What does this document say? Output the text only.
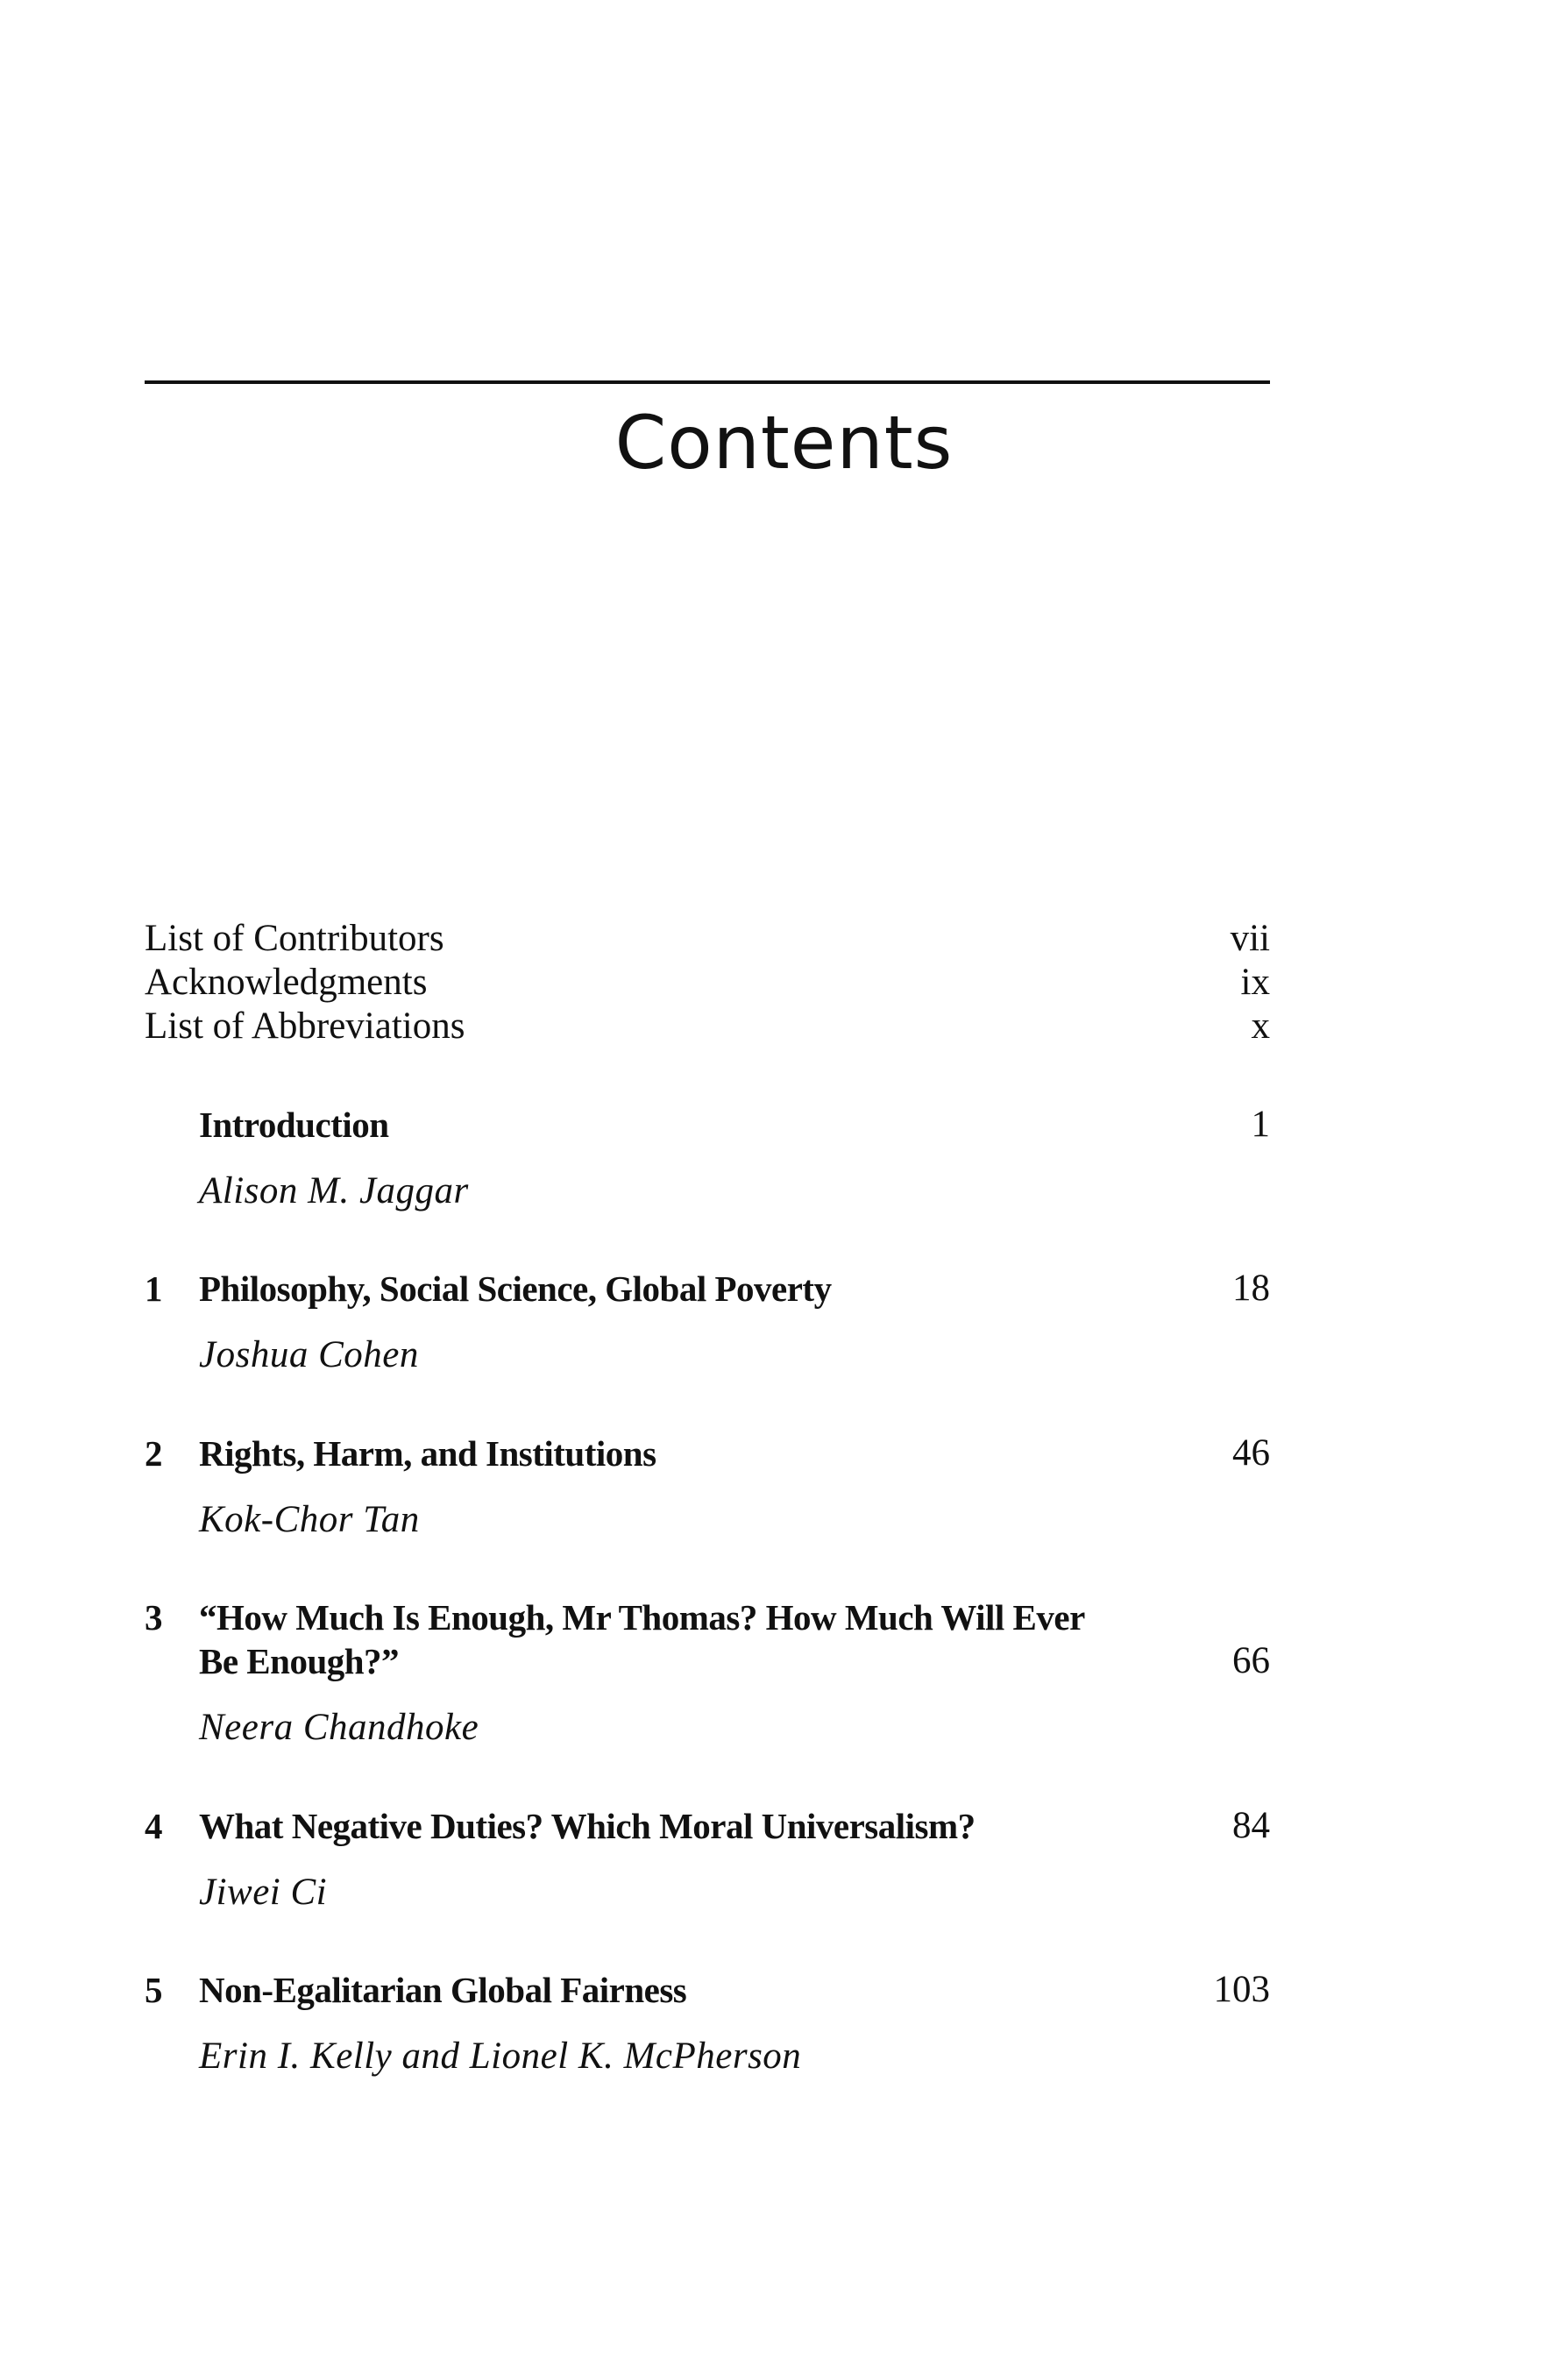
Contents
List of Contributors	vii
Acknowledgments	ix
List of Abbreviations	x
Introduction	1
Alison M. Jaggar
1 Philosophy, Social Science, Global Poverty	18
Joshua Cohen
2 Rights, Harm, and Institutions	46
Kok-Chor Tan
3 “How Much Is Enough, Mr Thomas? How Much Will Ever Be Enough?”	66
Neera Chandhoke
4 What Negative Duties? Which Moral Universalism?	84
Jiwei Ci
5 Non-Egalitarian Global Fairness	103
Erin I. Kelly and Lionel K. McPherson
